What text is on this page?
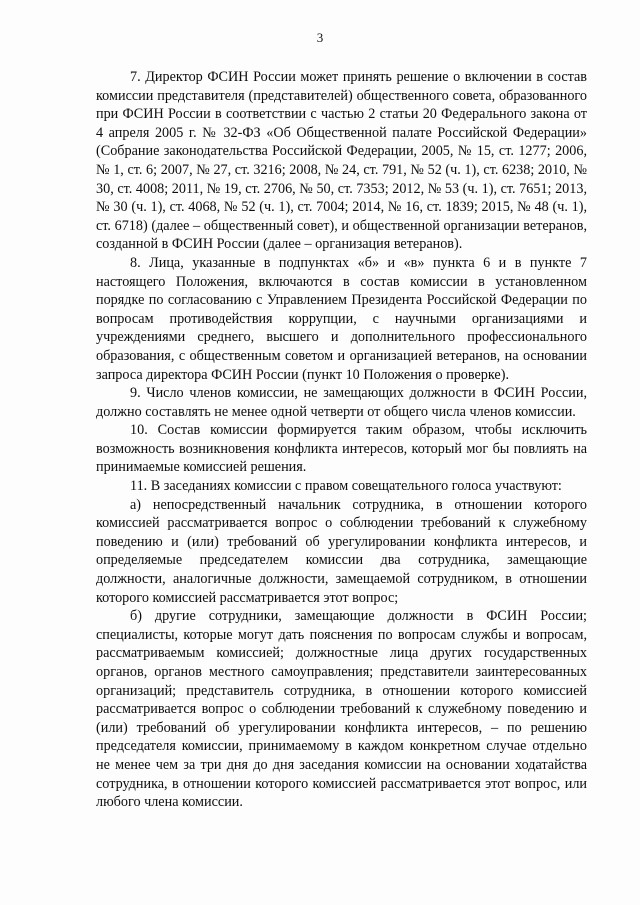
3

7. Директор ФСИН России может принять решение о включении в состав комиссии представителя (представителей) общественного совета, образованного при ФСИН России в соответствии с частью 2 статьи 20 Федерального закона от 4 апреля 2005 г. № 32-ФЗ «Об Общественной палате Российской Федерации» (Собрание законодательства Российской Федерации, 2005, № 15, ст. 1277; 2006, № 1, ст. 6; 2007, № 27, ст. 3216; 2008, № 24, ст. 791, № 52 (ч. 1), ст. 6238; 2010, № 30, ст. 4008; 2011, № 19, ст. 2706, № 50, ст. 7353; 2012, № 53 (ч. 1), ст. 7651; 2013, № 30 (ч. 1), ст. 4068, № 52 (ч. 1), ст. 7004; 2014, № 16, ст. 1839; 2015, № 48 (ч. 1), ст. 6718) (далее – общественный совет), и общественной организации ветеранов, созданной в ФСИН России (далее – организация ветеранов).

8. Лица, указанные в подпунктах «б» и «в» пункта 6 и в пункте 7 настоящего Положения, включаются в состав комиссии в установленном порядке по согласованию с Управлением Президента Российской Федерации по вопросам противодействия коррупции, с научными организациями и учреждениями среднего, высшего и дополнительного профессионального образования, с общественным советом и организацией ветеранов, на основании запроса директора ФСИН России (пункт 10 Положения о проверке).

9. Число членов комиссии, не замещающих должности в ФСИН России, должно составлять не менее одной четверти от общего числа членов комиссии.

10. Состав комиссии формируется таким образом, чтобы исключить возможность возникновения конфликта интересов, который мог бы повлиять на принимаемые комиссией решения.

11. В заседаниях комиссии с правом совещательного голоса участвуют:

а) непосредственный начальник сотрудника, в отношении которого комиссией рассматривается вопрос о соблюдении требований к служебному поведению и (или) требований об урегулировании конфликта интересов, и определяемые председателем комиссии два сотрудника, замещающие должности, аналогичные должности, замещаемой сотрудником, в отношении которого комиссией рассматривается этот вопрос;

б) другие сотрудники, замещающие должности в ФСИН России; специалисты, которые могут дать пояснения по вопросам службы и вопросам, рассматриваемым комиссией; должностные лица других государственных органов, органов местного самоуправления; представители заинтересованных организаций; представитель сотрудника, в отношении которого комиссией рассматривается вопрос о соблюдении требований к служебному поведению и (или) требований об урегулировании конфликта интересов, – по решению председателя комиссии, принимаемому в каждом конкретном случае отдельно не менее чем за три дня до дня заседания комиссии на основании ходатайства сотрудника, в отношении которого комиссией рассматривается этот вопрос, или любого члена комиссии.
